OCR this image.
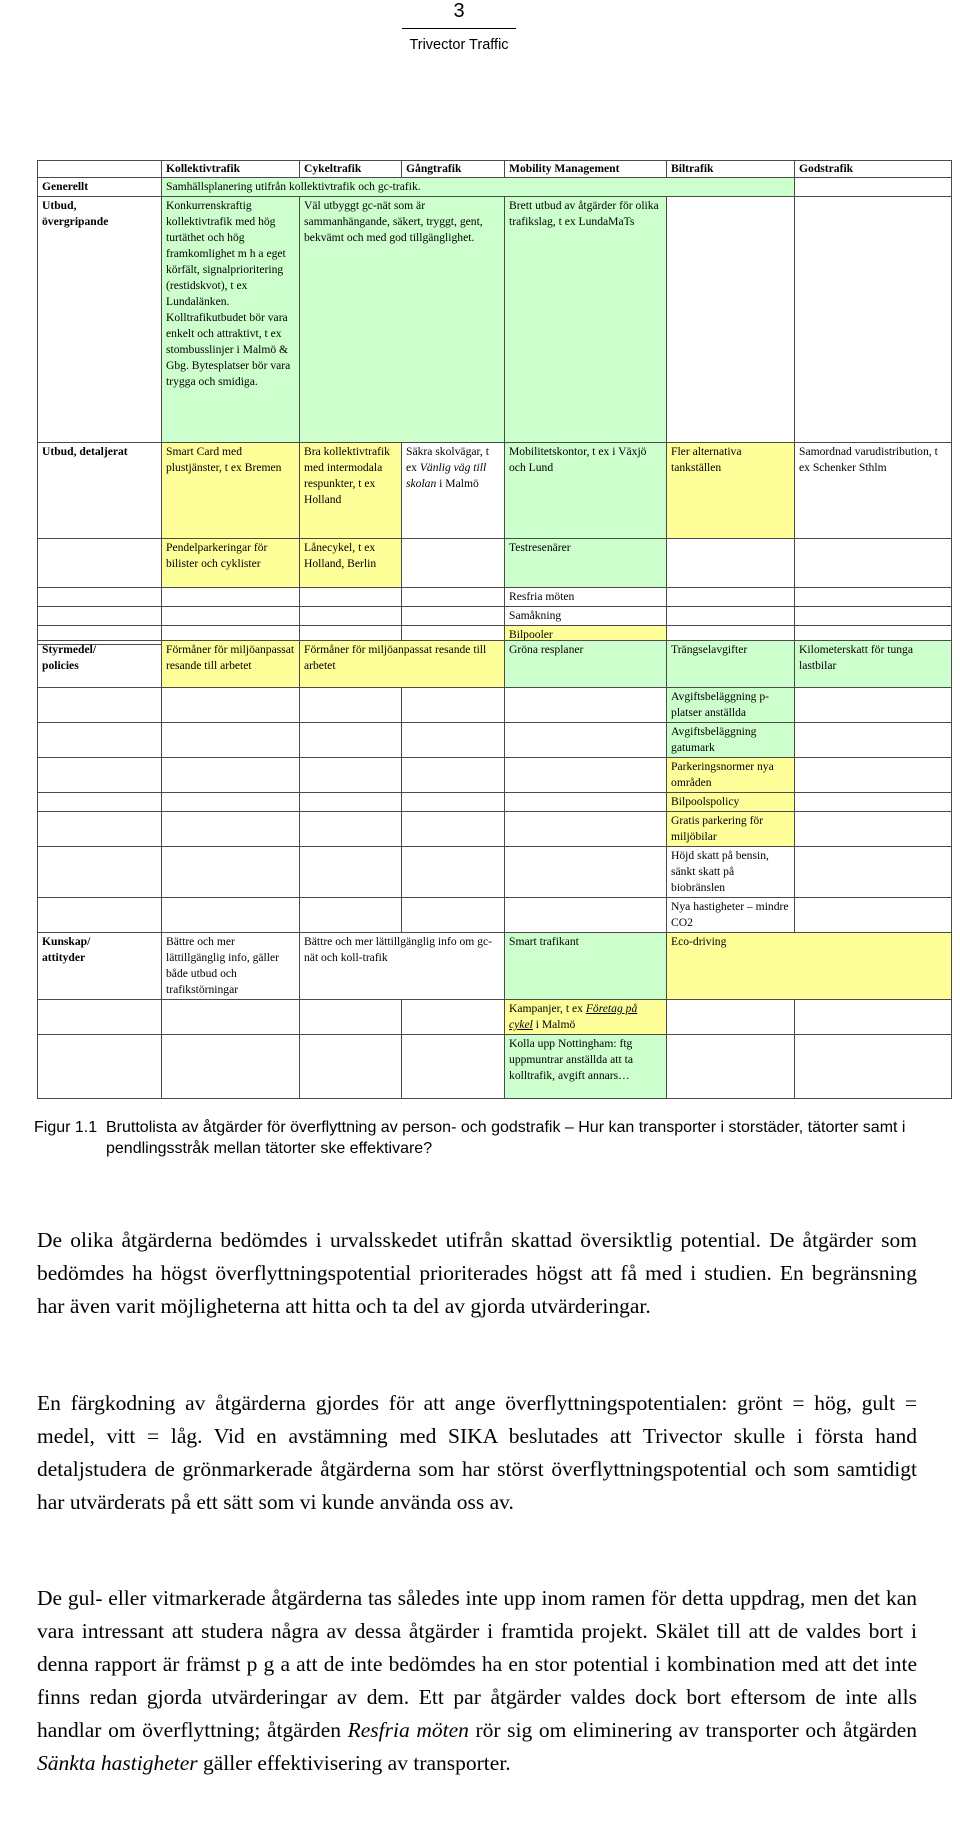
3
Trivector Traffic
	Kollektivtrafik	Cykeltrafik	Gångtrafik	Mobility Management	Biltrafik	Godstrafik
Generellt	Samhällsplanering utifrån kollektivtrafik och gc-trafik.					
Utbud,
övergripande	Konkurrenskraftig kollektivtrafik med hög turtäthet och hög framkomlighet m h a eget körfält, signalprioritering (restidskvot), t ex Lundalänken. Kolltrafikutbudet bör vara enkelt och attraktivt, t ex stombusslinjer i Malmö & Gbg. Bytesplatser bör vara trygga och smidiga.	Väl utbyggt gc-nät som är sammanhängande, säkert, tryggt, gent, bekvämt och med god tillgänglighet.		Brett utbud av åtgärder för olika trafikslag, t ex LundaMaTs		
Utbud, detaljerat	Smart Card med plustjänster, t ex Bremen	Bra kollektivtrafik med intermodala respunkter, t ex Holland	Säkra skolvägar, t ex Vänlig väg till skolan i Malmö	Mobilitetskontor, t ex i Växjö och Lund	Fler alternativa tankställen	Samordnad varudistribution, t ex Schenker Sthlm
	Pendelparkeringar för bilister och cyklister	Lånecykel, t ex Holland, Berlin		Testresenärer		
				Resfria möten		
				Samåkning		
				Bilpooler		
Styrmedel/
policies	Förmåner för miljöanpassat resande till arbetet	Förmåner för miljöanpassat resande till arbetet		Gröna resplaner	Trängselavgifter	Kilometerskatt för tunga lastbilar
					Avgiftsbeläggning p-platser anställda	
					Avgiftsbeläggning gatumark	
					Parkeringsnormer nya områden	
					Bilpoolspolicy	
					Gratis parkering för miljöbilar	
					Höjd skatt på bensin, sänkt skatt på biobränslen	
					Nya hastigheter – mindre CO2	
Kunskap/
attityder	Bättre och mer lättillgänglig info, gäller både utbud och trafikstörningar	Bättre och mer lättillgänglig info om gc-nät och koll-trafik		Smart trafikant	Eco-driving	
				Kampanjer, t ex Företag på cykel i Malmö		
				Kolla upp Nottingham: ftg uppmuntrar anställda att ta kolltrafik, avgift annars…		
Figur 1.1 Bruttolista av åtgärder för överflyttning av person- och godstrafik – Hur kan transporter i storstäder, tätorter samt i pendlingsstråk mellan tätorter ske effektivare?

De olika åtgärderna bedömdes i urvalsskedet utifrån skattad översiktlig potential. De åtgärder som bedömdes ha högst överflyttningspotential prioriterades högst att få med i studien. En begränsning har även varit möjligheterna att hitta och ta del av gjorda utvärderingar.

En färgkodning av åtgärderna gjordes för att ange överflyttningspotentialen: grönt = hög, gult = medel, vitt = låg. Vid en avstämning med SIKA beslutades att Trivector skulle i första hand detaljstudera de grönmarkerade åtgärderna som har störst överflyttningspotential och som samtidigt har utvärderats på ett sätt som vi kunde använda oss av.

De gul- eller vitmarkerade åtgärderna tas således inte upp inom ramen för detta uppdrag, men det kan vara intressant att studera några av dessa åtgärder i framtida projekt. Skälet till att de valdes bort i denna rapport är främst p g a att de inte bedömdes ha en stor potential i kombination med att det inte finns redan gjorda utvärderingar av dem. Ett par åtgärder valdes dock bort eftersom de inte alls handlar om överflyttning; åtgärden Resfria möten rör sig om eliminering av transporter och åtgärden Sänkta hastigheter gäller effektivisering av transporter.
